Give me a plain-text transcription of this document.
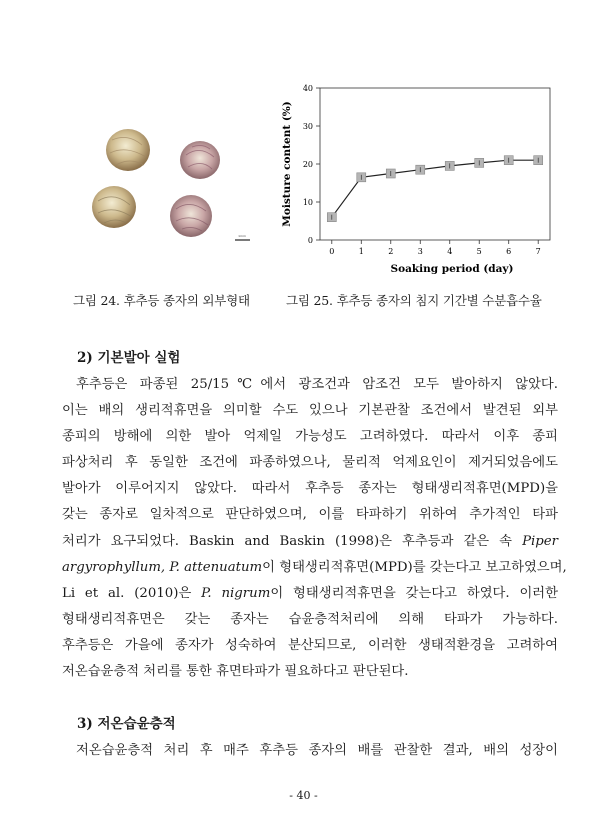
1mm	0
10
20
30
40
0	1	2	3	4	5	6	7
Soaking period (day)
Moisture content (%)
그림 24. 후추등 종자의 외부형태	그림 25. 후추등 종자의 침지 기간별 수분흡수율
2) 기본발아 실험
후추등은 파종된 25/15℃에서 광조건과 암조건 모두 발아하지 않았다.
이는 배의 생리적휴면을 의미할 수도 있으나 기본관찰 조건에서 발견된 외부
종피의 방해에 의한 발아 억제일 가능성도 고려하였다. 따라서 이후 종피
파상처리 후 동일한 조건에 파종하였으나, 물리적 억제요인이 제거되었음에도
발아가 이루어지지 않았다. 따라서 후추등 종자는 형태생리적휴면(MPD)을
갖는 종자로 일차적으로 판단하였으며, 이를 타파하기 위하여 추가적인 타파
처리가 요구되었다. Baskin and Baskin (1998)은 후추등과 같은 속 Piper
argyrophyllum, P. attenuatum이 형태생리적휴면(MPD)를 갖는다고 보고하였으며,
Li et al. (2010)은 P. nigrum이 형태생리적휴면을 갖는다고 하였다. 이러한
형태생리적휴면은 갖는 종자는 습윤층적처리에 의해 타파가 가능하다.
후추등은 가을에 종자가 성숙하여 분산되므로, 이러한 생태적환경을 고려하여
저온습윤층적 처리를 통한 휴면타파가 필요하다고 판단된다.
3) 저온습윤층적
저온습윤층적 처리 후 매주 후추등 종자의 배를 관찰한 결과, 배의 성장이
- 40 -
